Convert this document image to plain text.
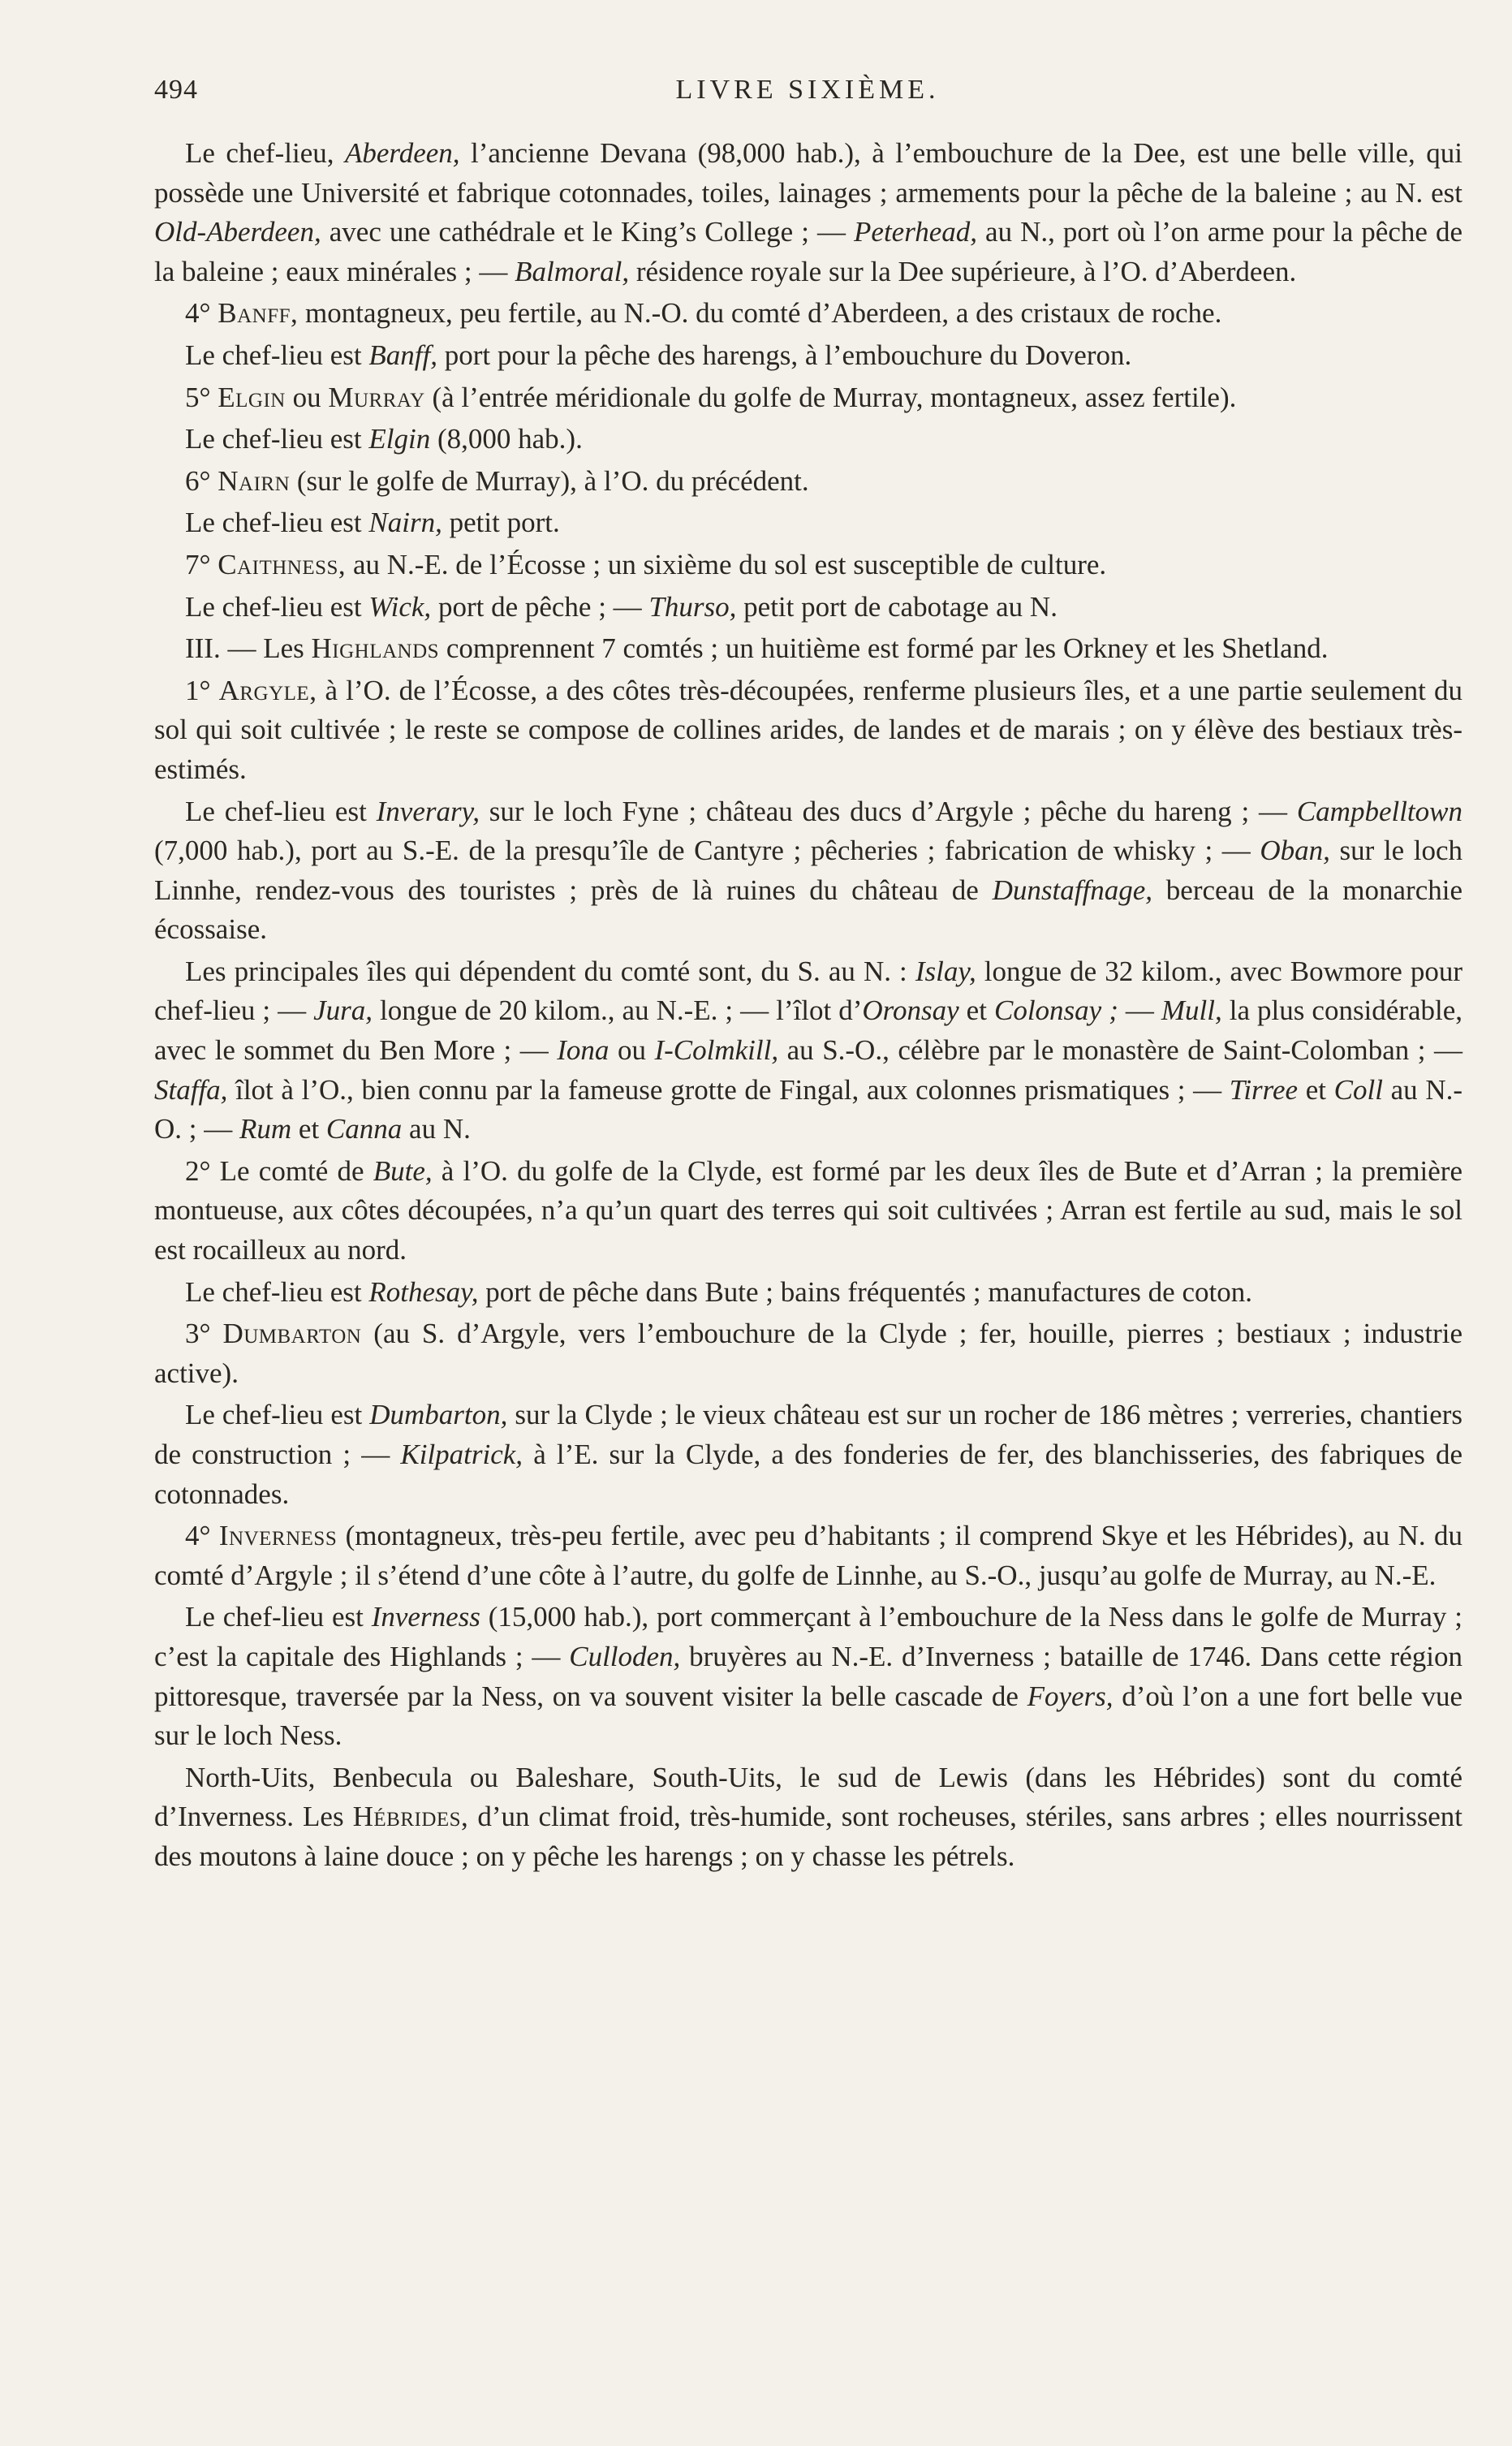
494	LIVRE SIXIÈME.

Le chef-lieu, Aberdeen, l’ancienne Devana (98,000 hab.), à l’embouchure de la Dee, est une belle ville, qui possède une Université et fabrique cotonnades, toiles, lainages ; armements pour la pêche de la baleine ; au N. est Old-Aberdeen, avec une cathédrale et le King’s College ; — Peterhead, au N., port où l’on arme pour la pêche de la baleine ; eaux minérales ; — Balmoral, résidence royale sur la Dee supérieure, à l’O. d’Aberdeen.

4° Banff, montagneux, peu fertile, au N.-O. du comté d’Aberdeen, a des cristaux de roche.

Le chef-lieu est Banff, port pour la pêche des harengs, à l’embouchure du Doveron.

5° Elgin ou Murray (à l’entrée méridionale du golfe de Murray, montagneux, assez fertile).

Le chef-lieu est Elgin (8,000 hab.).

6° Nairn (sur le golfe de Murray), à l’O. du précédent.

Le chef-lieu est Nairn, petit port.

7° Caithness, au N.-E. de l’Écosse ; un sixième du sol est susceptible de culture.

Le chef-lieu est Wick, port de pêche ; — Thurso, petit port de cabotage au N.

III. — Les Highlands comprennent 7 comtés ; un huitième est formé par les Orkney et les Shetland.

1° Argyle, à l’O. de l’Écosse, a des côtes très-découpées, renferme plusieurs îles, et a une partie seulement du sol qui soit cultivée ; le reste se compose de collines arides, de landes et de marais ; on y élève des bestiaux très-estimés.

Le chef-lieu est Inverary, sur le loch Fyne ; château des ducs d’Argyle ; pêche du hareng ; — Campbelltown (7,000 hab.), port au S.-E. de la presqu’île de Cantyre ; pêcheries ; fabrication de whisky ; — Oban, sur le loch Linnhe, rendez-vous des touristes ; près de là ruines du château de Dunstaffnage, berceau de la monarchie écossaise.

Les principales îles qui dépendent du comté sont, du S. au N. : Islay, longue de 32 kilom., avec Bowmore pour chef-lieu ; — Jura, longue de 20 kilom., au N.-E. ; — l’îlot d’Oronsay et Colonsay ; — Mull, la plus considérable, avec le sommet du Ben More ; — Iona ou I-Colmkill, au S.-O., célèbre par le monastère de Saint-Colomban ; — Staffa, îlot à l’O., bien connu par la fameuse grotte de Fingal, aux colonnes prismatiques ; — Tirree et Coll au N.-O. ; — Rum et Canna au N.

2° Le comté de Bute, à l’O. du golfe de la Clyde, est formé par les deux îles de Bute et d’Arran ; la première montueuse, aux côtes découpées, n’a qu’un quart des terres qui soit cultivées ; Arran est fertile au sud, mais le sol est rocailleux au nord.

Le chef-lieu est Rothesay, port de pêche dans Bute ; bains fréquentés ; manufactures de coton.

3° Dumbarton (au S. d’Argyle, vers l’embouchure de la Clyde ; fer, houille, pierres ; bestiaux ; industrie active).

Le chef-lieu est Dumbarton, sur la Clyde ; le vieux château est sur un rocher de 186 mètres ; verreries, chantiers de construction ; — Kilpatrick, à l’E. sur la Clyde, a des fonderies de fer, des blanchisseries, des fabriques de cotonnades.

4° Inverness (montagneux, très-peu fertile, avec peu d’habitants ; il comprend Skye et les Hébrides), au N. du comté d’Argyle ; il s’étend d’une côte à l’autre, du golfe de Linnhe, au S.-O., jusqu’au golfe de Murray, au N.-E.

Le chef-lieu est Inverness (15,000 hab.), port commerçant à l’embouchure de la Ness dans le golfe de Murray ; c’est la capitale des Highlands ; — Culloden, bruyères au N.-E. d’Inverness ; bataille de 1746. Dans cette région pittoresque, traversée par la Ness, on va souvent visiter la belle cascade de Foyers, d’où l’on a une fort belle vue sur le loch Ness.

North-Uits, Benbecula ou Baleshare, South-Uits, le sud de Lewis (dans les Hébrides) sont du comté d’Inverness. Les Hébrides, d’un climat froid, très-humide, sont rocheuses, stériles, sans arbres ; elles nourrissent des moutons à laine douce ; on y pêche les harengs ; on y chasse les pétrels.
